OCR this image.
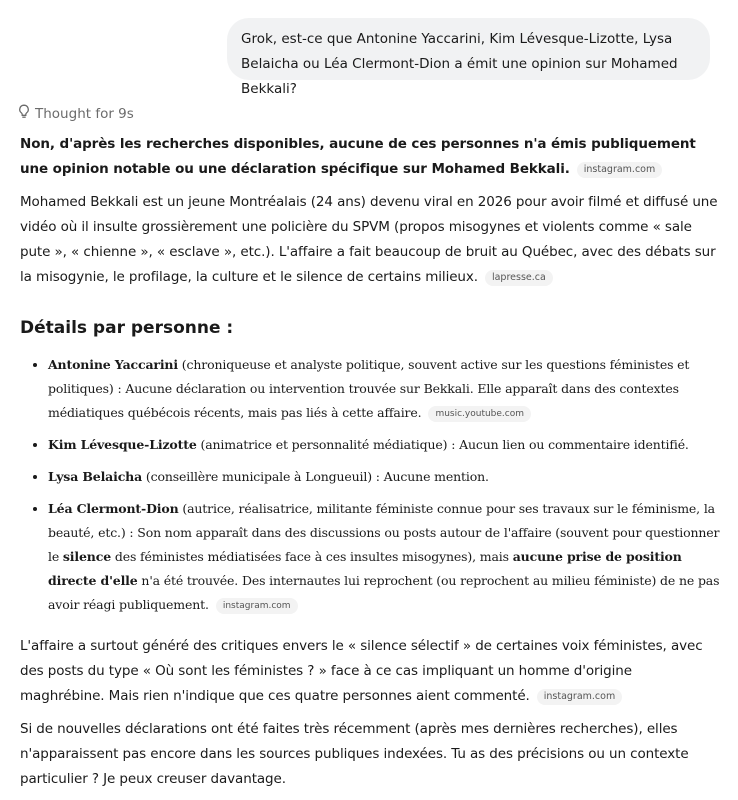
Grok, est-ce que Antonine Yaccarini, Kim Lévesque-Lizotte, Lysa Belaicha ou Léa Clermont-Dion a émit une opinion sur Mohamed Bekkali?
Thought for 9s

Non, d'après les recherches disponibles, aucune de ces personnes n'a émis publiquement une opinion notable ou une déclaration spécifique sur Mohamed Bekkali. instagram.com

Mohamed Bekkali est un jeune Montréalais (24 ans) devenu viral en 2026 pour avoir filmé et diffusé une vidéo où il insulte grossièrement une policière du SPVM (propos misogynes et violents comme « sale pute », « chienne », « esclave », etc.). L'affaire a fait beaucoup de bruit au Québec, avec des débats sur la misogynie, le profilage, la culture et le silence de certains milieux. lapresse.ca

Détails par personne :
• Antonine Yaccarini (chroniqueuse et analyste politique, souvent active sur les questions féministes et politiques) : Aucune déclaration ou intervention trouvée sur Bekkali. Elle apparaît dans des contextes médiatiques québécois récents, mais pas liés à cette affaire. music.youtube.com
• Kim Lévesque-Lizotte (animatrice et personnalité médiatique) : Aucun lien ou commentaire identifié.
• Lysa Belaicha (conseillère municipale à Longueuil) : Aucune mention.
• Léa Clermont-Dion (autrice, réalisatrice, militante féministe connue pour ses travaux sur le féminisme, la beauté, etc.) : Son nom apparaît dans des discussions ou posts autour de l'affaire (souvent pour questionner le silence des féministes médiatisées face à ces insultes misogynes), mais aucune prise de position directe d'elle n'a été trouvée. Des internautes lui reprochent (ou reprochent au milieu féministe) de ne pas avoir réagi publiquement. instagram.com

L'affaire a surtout généré des critiques envers le « silence sélectif » de certaines voix féministes, avec des posts du type « Où sont les féministes ? » face à ce cas impliquant un homme d'origine maghrébine. Mais rien n'indique que ces quatre personnes aient commenté. instagram.com

Si de nouvelles déclarations ont été faites très récemment (après mes dernières recherches), elles n'apparaissent pas encore dans les sources publiques indexées. Tu as des précisions ou un contexte particulier ? Je peux creuser davantage.
